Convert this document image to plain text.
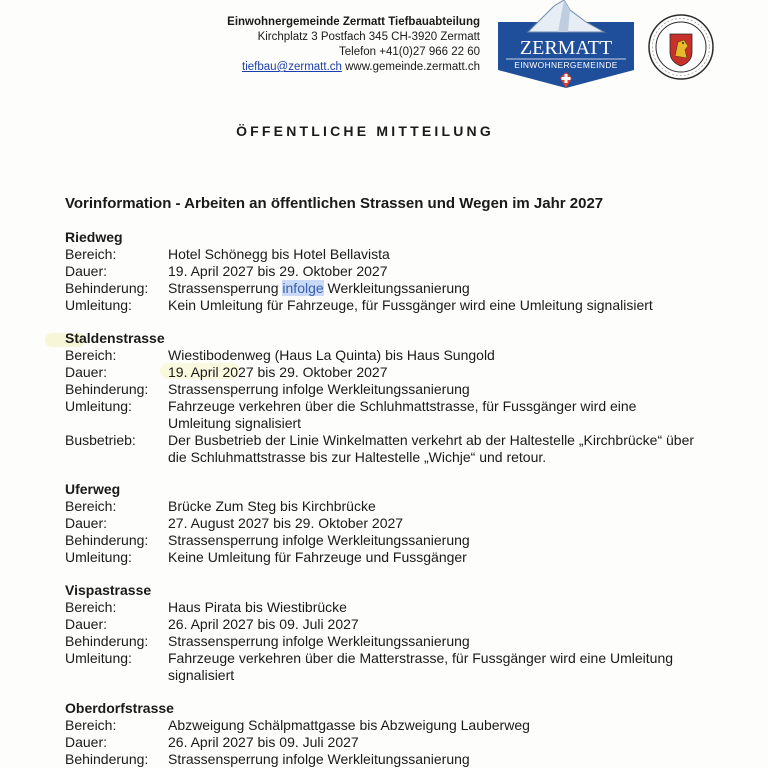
Einwohnergemeinde Zermatt Tiefbauabteilung
Kirchplatz 3 Postfach 345 CH-3920 Zermatt
Telefon +41(0)27 966 22 60
tiefbau@zermatt.ch www.gemeinde.zermatt.ch
ZERMATT
EINWOHNERGEMEINDE
ÖFFENTLICHE MITTEILUNG
Vorinformation - Arbeiten an öffentlichen Strassen und Wegen im Jahr 2027
Riedweg
Bereich:	Hotel Schönegg bis Hotel Bellavista
Dauer:	19. April 2027 bis 29. Oktober 2027
Behinderung:	Strassensperrung infolge Werkleitungssanierung
Umleitung:	Kein Umleitung für Fahrzeuge, für Fussgänger wird eine Umleitung signalisiert
Staldenstrasse
Bereich:	Wiestibodenweg (Haus La Quinta) bis Haus Sungold
Dauer:	19. April 2027 bis 29. Oktober 2027
Behinderung:	Strassensperrung infolge Werkleitungssanierung
Umleitung:	Fahrzeuge verkehren über die Schluhmattstrasse, für Fussgänger wird eine Umleitung signalisiert
Busbetrieb:	Der Busbetrieb der Linie Winkelmatten verkehrt ab der Haltestelle „Kirchbrücke“ über die Schluhmattstrasse bis zur Haltestelle „Wichje“ und retour.
Uferweg
Bereich:	Brücke Zum Steg bis Kirchbrücke
Dauer:	27. August 2027 bis 29. Oktober 2027
Behinderung:	Strassensperrung infolge Werkleitungssanierung
Umleitung:	Keine Umleitung für Fahrzeuge und Fussgänger
Vispastrasse
Bereich:	Haus Pirata bis Wiestibrücke
Dauer:	26. April 2027 bis 09. Juli 2027
Behinderung:	Strassensperrung infolge Werkleitungssanierung
Umleitung:	Fahrzeuge verkehren über die Matterstrasse, für Fussgänger wird eine Umleitung signalisiert
Oberdorfstrasse
Bereich:	Abzweigung Schälpmattgasse bis Abzweigung Lauberweg
Dauer:	26. April 2027 bis 09. Juli 2027
Behinderung:	Strassensperrung infolge Werkleitungssanierung
